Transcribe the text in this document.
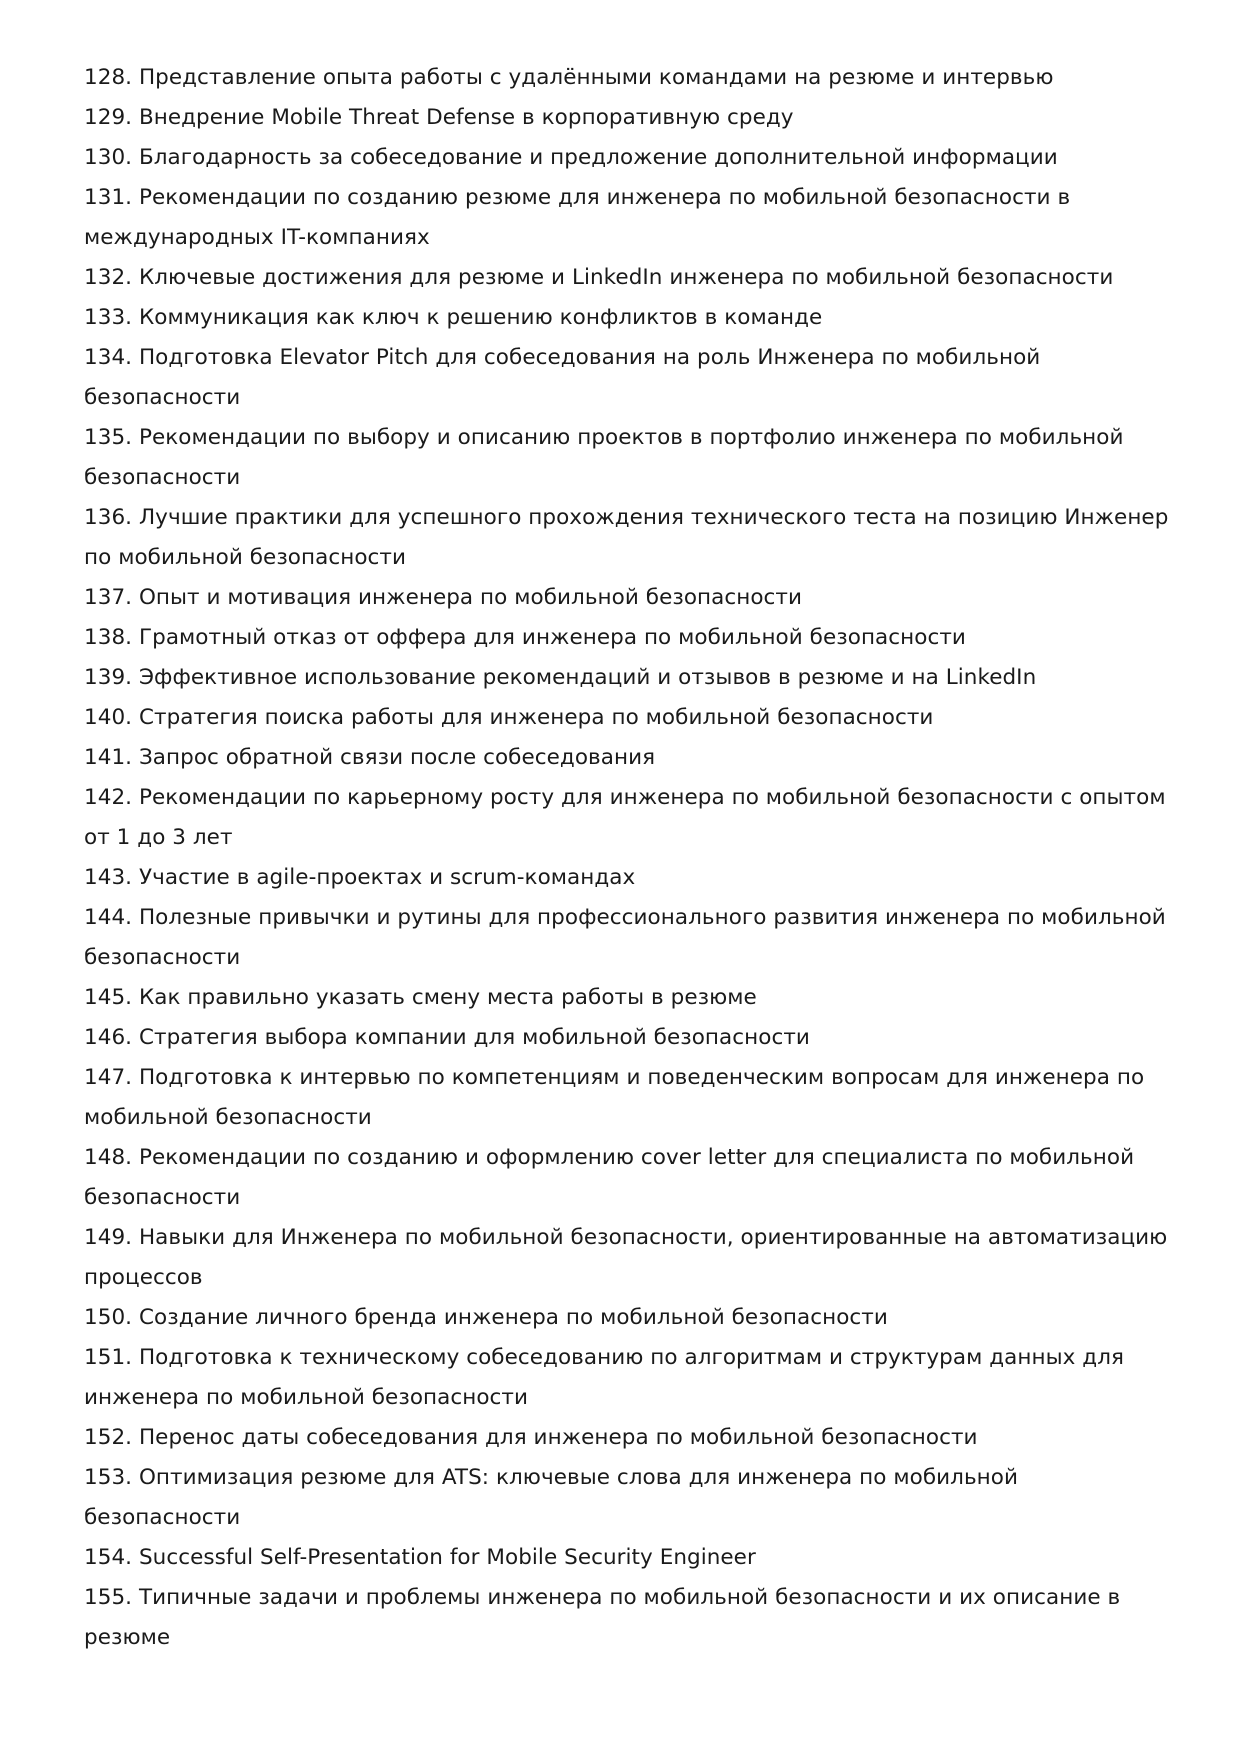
128. Представление опыта работы с удалёнными командами на резюме и интервью

129. Внедрение Mobile Threat Defense в корпоративную среду

130. Благодарность за собеседование и предложение дополнительной информации

131. Рекомендации по созданию резюме для инженера по мобильной безопасности в международных IT-компаниях

132. Ключевые достижения для резюме и LinkedIn инженера по мобильной безопасности

133. Коммуникация как ключ к решению конфликтов в команде

134. Подготовка Elevator Pitch для собеседования на роль Инженера по мобильной безопасности

135. Рекомендации по выбору и описанию проектов в портфолио инженера по мобильной безопасности

136. Лучшие практики для успешного прохождения технического теста на позицию Инженер по мобильной безопасности

137. Опыт и мотивация инженера по мобильной безопасности

138. Грамотный отказ от оффера для инженера по мобильной безопасности

139. Эффективное использование рекомендаций и отзывов в резюме и на LinkedIn

140. Стратегия поиска работы для инженера по мобильной безопасности

141. Запрос обратной связи после собеседования

142. Рекомендации по карьерному росту для инженера по мобильной безопасности с опытом от 1 до 3 лет

143. Участие в agile-проектах и scrum-командах

144. Полезные привычки и рутины для профессионального развития инженера по мобильной безопасности

145. Как правильно указать смену места работы в резюме

146. Стратегия выбора компании для мобильной безопасности

147. Подготовка к интервью по компетенциям и поведенческим вопросам для инженера по мобильной безопасности

148. Рекомендации по созданию и оформлению cover letter для специалиста по мобильной безопасности

149. Навыки для Инженера по мобильной безопасности, ориентированные на автоматизацию процессов

150. Создание личного бренда инженера по мобильной безопасности

151. Подготовка к техническому собеседованию по алгоритмам и структурам данных для инженера по мобильной безопасности

152. Перенос даты собеседования для инженера по мобильной безопасности

153. Оптимизация резюме для ATS: ключевые слова для инженера по мобильной безопасности

154. Successful Self-Presentation for Mobile Security Engineer

155. Типичные задачи и проблемы инженера по мобильной безопасности и их описание в резюме
